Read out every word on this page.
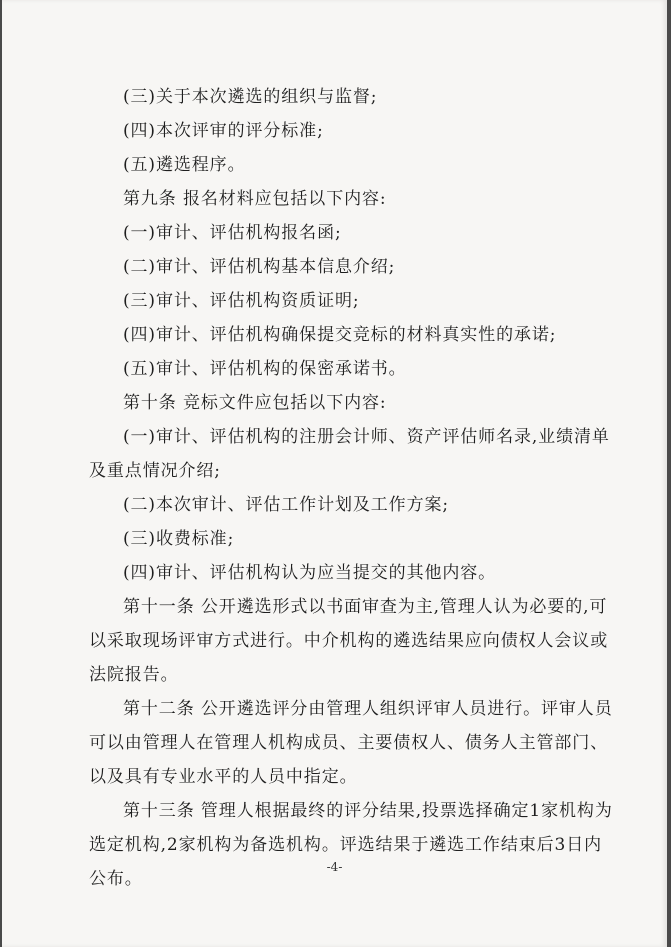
(三)关于本次遴选的组织与监督;

(四)本次评审的评分标准;

(五)遴选程序。

第九条 报名材料应包括以下内容:

(一)审计、评估机构报名函;

(二)审计、评估机构基本信息介绍;

(三)审计、评估机构资质证明;

(四)审计、评估机构确保提交竞标的材料真实性的承诺;

(五)审计、评估机构的保密承诺书。

第十条 竞标文件应包括以下内容:

(一)审计、评估机构的注册会计师、资产评估师名录,业绩清单及重点情况介绍;

(二)本次审计、评估工作计划及工作方案;

(三)收费标准;

(四)审计、评估机构认为应当提交的其他内容。

第十一条 公开遴选形式以书面审查为主,管理人认为必要的,可以采取现场评审方式进行。中介机构的遴选结果应向债权人会议或法院报告。

第十二条 公开遴选评分由管理人组织评审人员进行。评审人员可以由管理人在管理人机构成员、主要债权人、债务人主管部门、以及具有专业水平的人员中指定。

第十三条 管理人根据最终的评分结果,投票选择确定1家机构为选定机构,2家机构为备选机构。评选结果于遴选工作结束后3日内公布。

-4-
